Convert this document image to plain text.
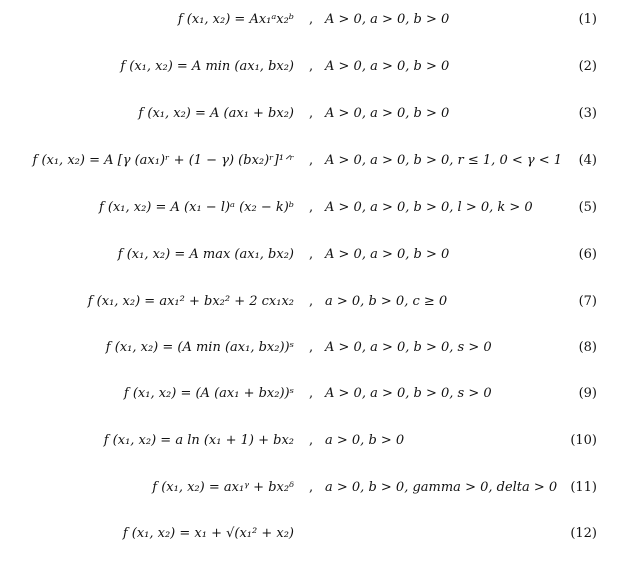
f (x₁, x₂) = Ax₁ᵃx₂ᵇ , A > 0, a > 0, b > 0	(1)
f (x₁, x₂) = A min (ax₁, bx₂) , A > 0, a > 0, b > 0	(2)
f (x₁, x₂) = A (ax₁ + bx₂) , A > 0, a > 0, b > 0	(3)
f (x₁, x₂) = A [γ (ax₁)ʳ + (1 − γ) (bx₂)ʳ]¹ᐟʳ , A > 0, a > 0, b > 0, r ≤ 1, 0 < γ < 1 (4)
f (x₁, x₂) = A (x₁ − l)ᵃ (x₂ − k)ᵇ , A > 0, a > 0, b > 0, l > 0, k > 0	(5)
f (x₁, x₂) = A max (ax₁, bx₂) , A > 0, a > 0, b > 0	(6)
f (x₁, x₂) = ax₁² + bx₂² + 2 cx₁x₂ , a > 0, b > 0, c ≥ 0	(7)
f (x₁, x₂) = (A min (ax₁, bx₂))ˢ , A > 0, a > 0, b > 0, s > 0	(8)
f (x₁, x₂) = (A (ax₁ + bx₂))ˢ , A > 0, a > 0, b > 0, s > 0	(9)
f (x₁, x₂) = a ln (x₁ + 1) + bx₂ , a > 0, b > 0	(10)
f (x₁, x₂) = ax₁ᵞ + bx₂ᵟ , a > 0, b > 0, gamma > 0, delta > 0 (11)
f (x₁, x₂) = x₁ + √(x₁² + x₂)	(12)
